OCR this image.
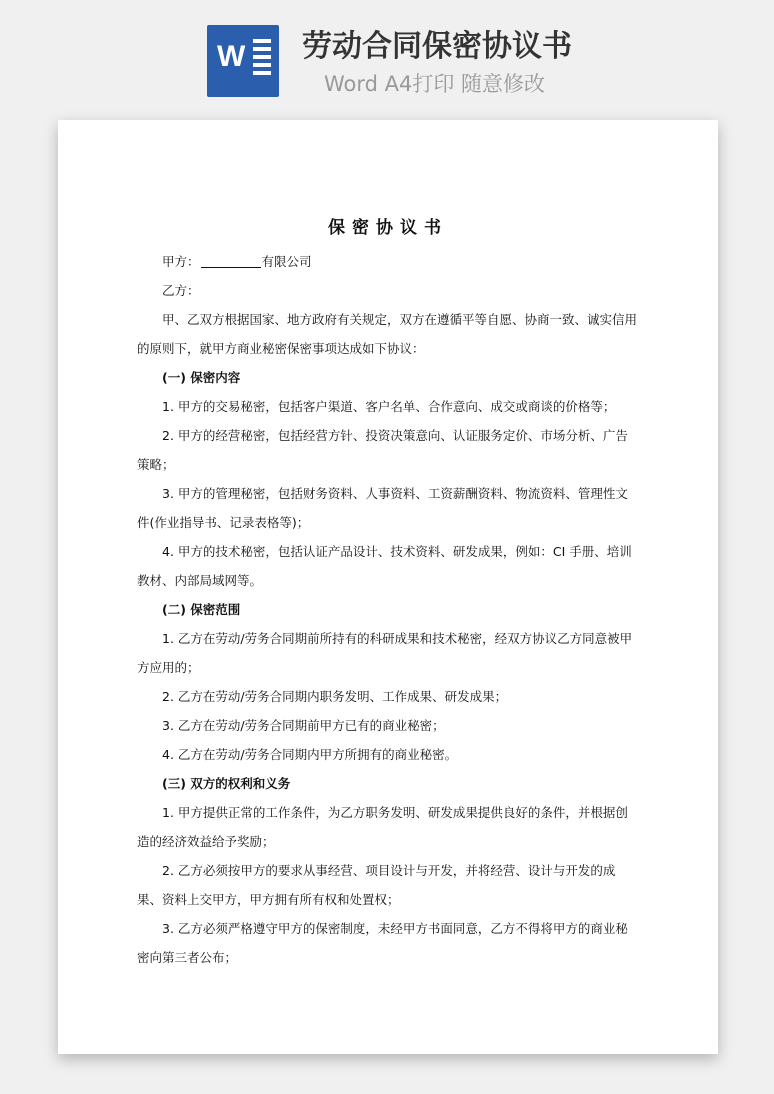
W 劳动合同保密协议书
Word A4打印 随意修改

保密协议书

甲方：	有限公司

乙方：

甲、乙双方根据国家、地方政府有关规定，双方在遵循平等自愿、协商一致、诚实信用的原则下，就甲方商业秘密保密事项达成如下协议：

(一) 保密内容

1. 甲方的交易秘密，包括客户渠道、客户名单、合作意向、成交或商谈的价格等；

2. 甲方的经营秘密，包括经营方针、投资决策意向、认证服务定价、市场分析、广告策略；

3. 甲方的管理秘密，包括财务资料、人事资料、工资薪酬资料、物流资料、管理性文件(作业指导书、记录表格等)；

4. 甲方的技术秘密，包括认证产品设计、技术资料、研发成果，例如：CI 手册、培训教材、内部局域网等。

(二) 保密范围

1. 乙方在劳动/劳务合同期前所持有的科研成果和技术秘密，经双方协议乙方同意被甲方应用的；

2. 乙方在劳动/劳务合同期内职务发明、工作成果、研发成果；

3. 乙方在劳动/劳务合同期前甲方已有的商业秘密；

4. 乙方在劳动/劳务合同期内甲方所拥有的商业秘密。

(三) 双方的权利和义务

1. 甲方提供正常的工作条件，为乙方职务发明、研发成果提供良好的条件，并根据创造的经济效益给予奖励；

2. 乙方必须按甲方的要求从事经营、项目设计与开发，并将经营、设计与开发的成果、资料上交甲方，甲方拥有所有权和处置权；

3. 乙方必须严格遵守甲方的保密制度，未经甲方书面同意，乙方不得将甲方的商业秘密向第三者公布；
